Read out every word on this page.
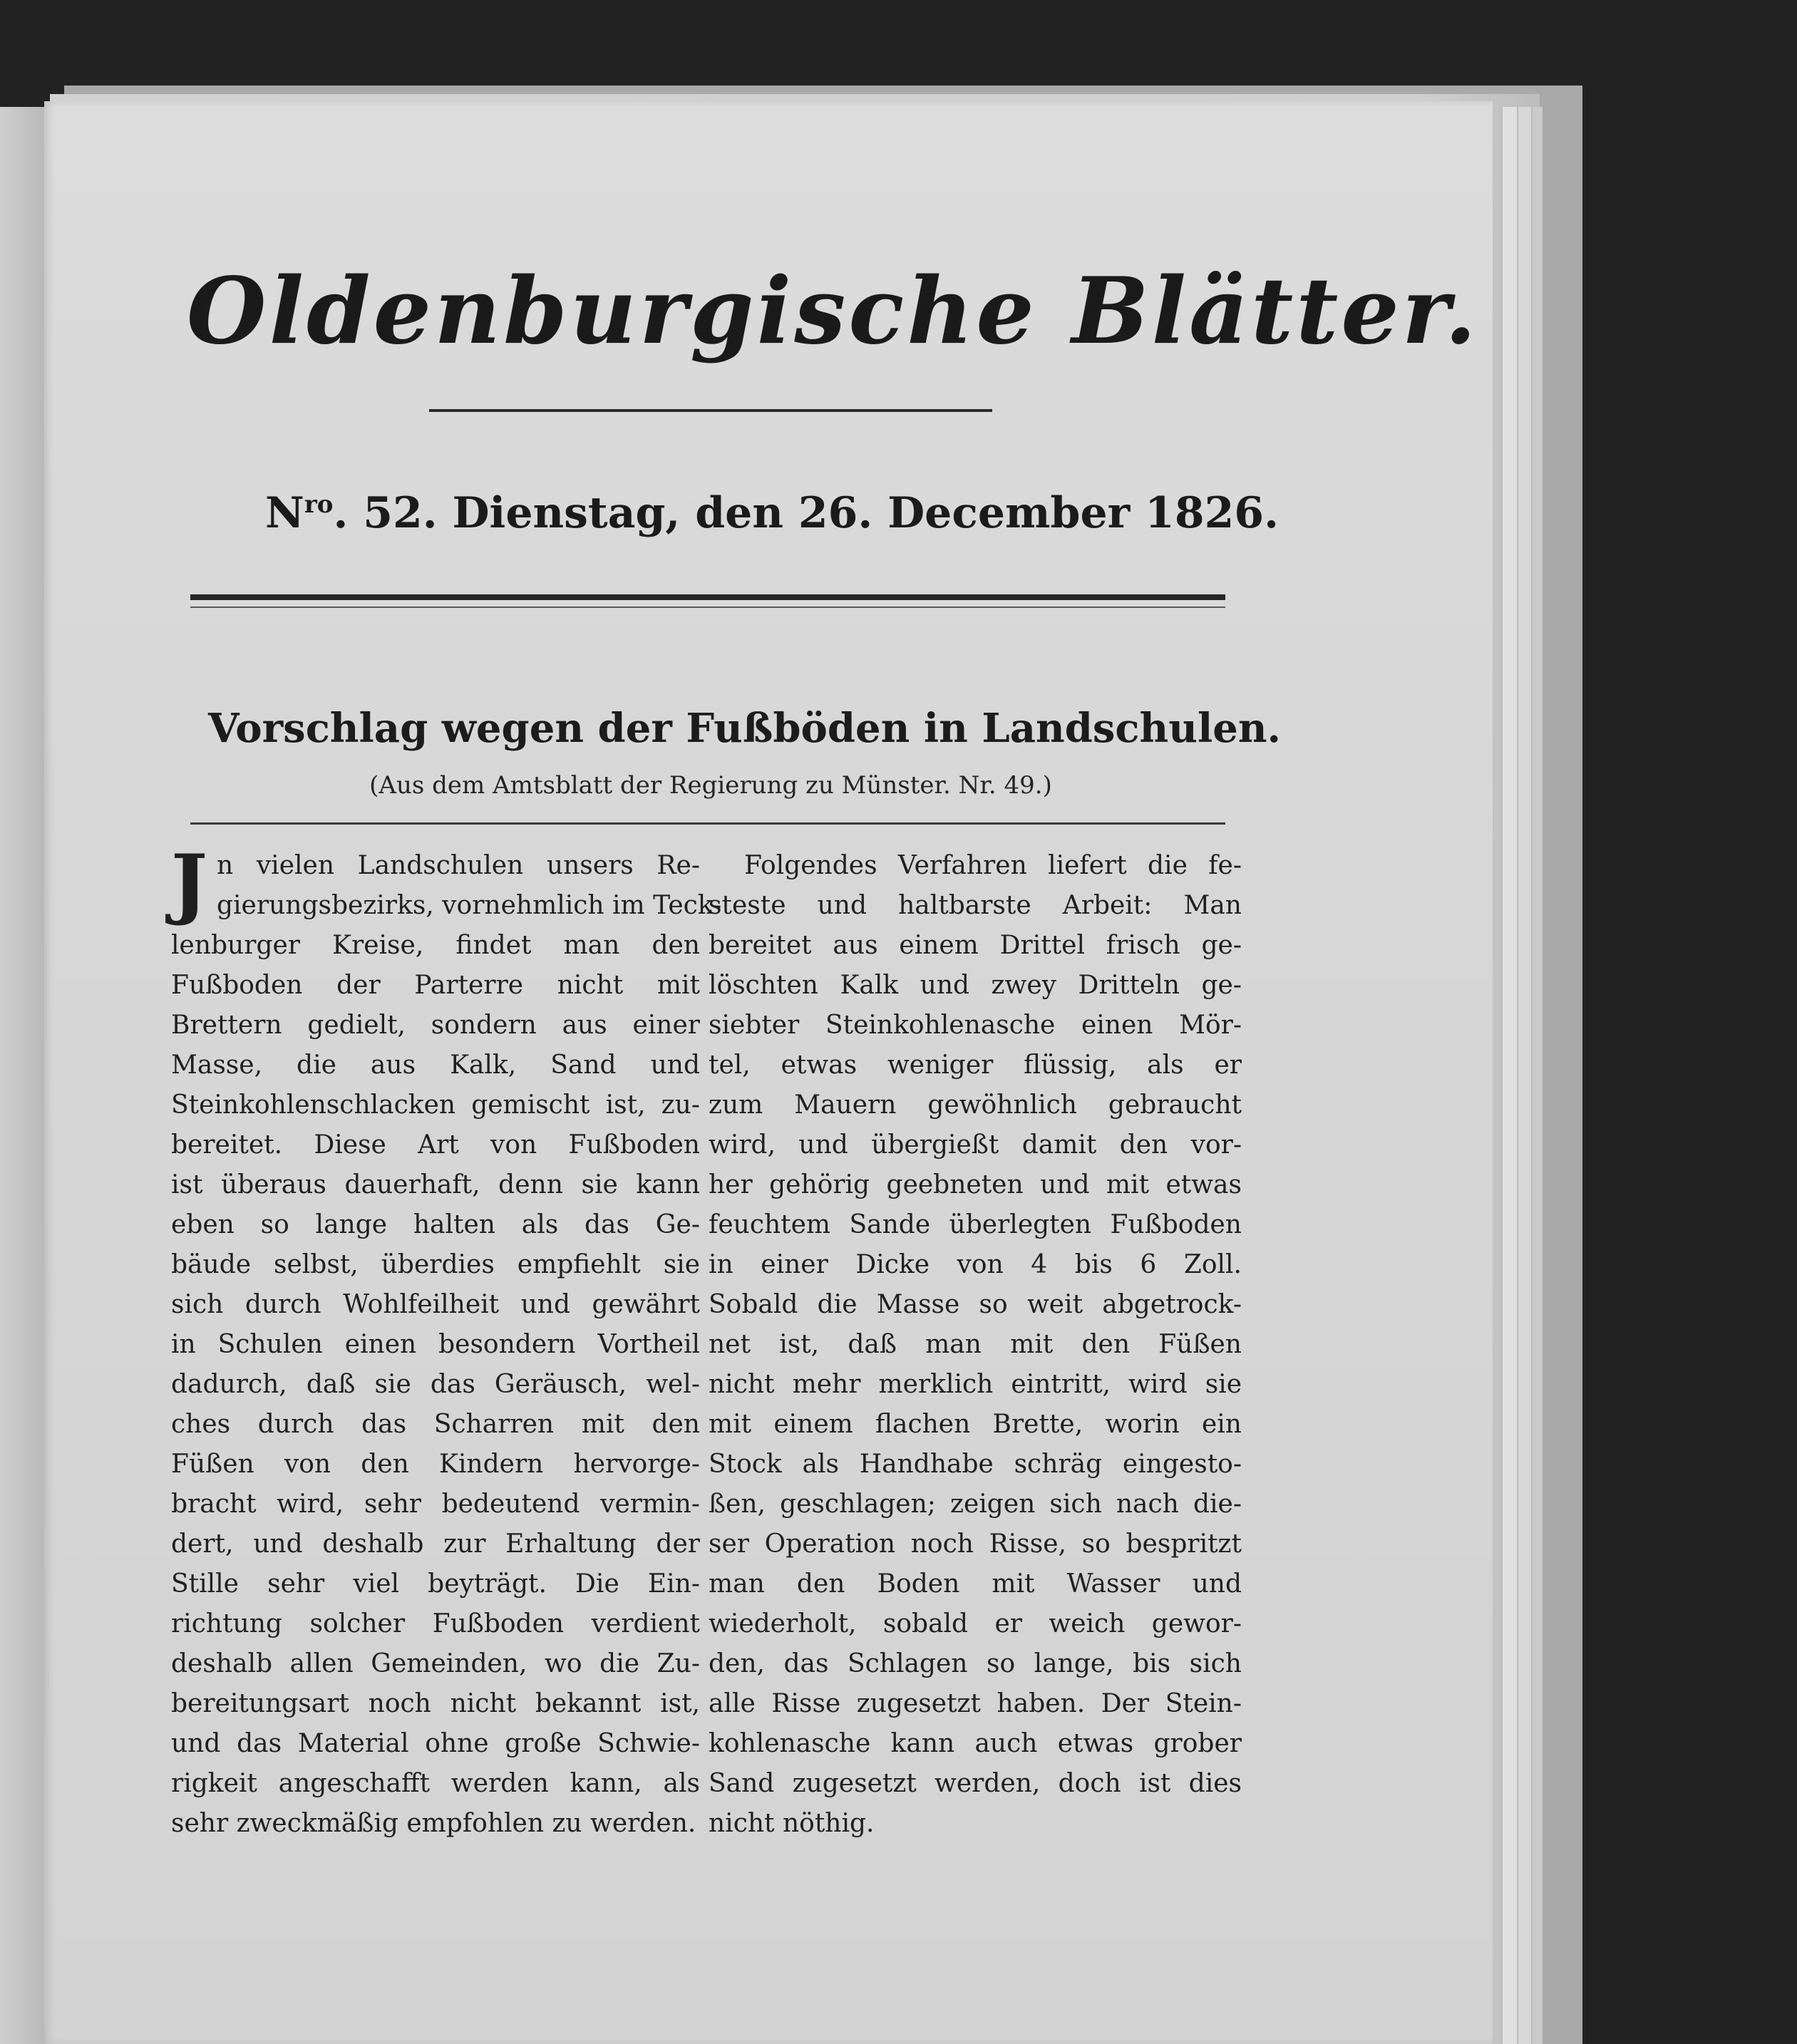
Oldenburgische Blätter.
$N^{ro}$. 52. Dienstag, den 26. December 1826.
Vorschlag wegen der Fußböden in Landschulen.
(Aus dem Amtsblatt der Regierung zu Münster. Nr. 49.)
J n vielen Landschulen unsers Re-
gierungsbezirks, vornehmlich im Teck-
lenburger Kreise, findet man den
Fußboden der Parterre nicht mit
Brettern gedielt, sondern aus einer
Masse, die aus Kalk, Sand und
Steinkohlenschlacken gemischt ist, zu-
bereitet. Diese Art von Fußboden
ist überaus dauerhaft, denn sie kann
eben so lange halten als das Ge-
bäude selbst, überdies empfiehlt sie
sich durch Wohlfeilheit und gewährt
in Schulen einen besondern Vortheil
dadurch, daß sie das Geräusch, wel-
ches durch das Scharren mit den
Füßen von den Kindern hervorge-
bracht wird, sehr bedeutend vermin-
dert, und deshalb zur Erhaltung der
Stille sehr viel beyträgt. Die Ein-
richtung solcher Fußboden verdient
deshalb allen Gemeinden, wo die Zu-
bereitungsart noch nicht bekannt ist,
und das Material ohne große Schwie-
rigkeit angeschafft werden kann, als
sehr zweckmäßig empfohlen zu werden.
Folgendes Verfahren liefert die fe-
steste und haltbarste Arbeit: Man
bereitet aus einem Drittel frisch ge-
löschten Kalk und zwey Dritteln ge-
siebter Steinkohlenasche einen Mör-
tel, etwas weniger flüssig, als er
zum Mauern gewöhnlich gebraucht
wird, und übergießt damit den vor-
her gehörig geebneten und mit etwas
feuchtem Sande überlegten Fußboden
in einer Dicke von 4 bis 6 Zoll.
Sobald die Masse so weit abgetrock-
net ist, daß man mit den Füßen
nicht mehr merklich eintritt, wird sie
mit einem flachen Brette, worin ein
Stock als Handhabe schräg eingesto-
ßen, geschlagen; zeigen sich nach die-
ser Operation noch Risse, so bespritzt
man den Boden mit Wasser und
wiederholt, sobald er weich gewor-
den, das Schlagen so lange, bis sich
alle Risse zugesetzt haben. Der Stein-
kohlenasche kann auch etwas grober
Sand zugesetzt werden, doch ist dies
nicht nöthig.
